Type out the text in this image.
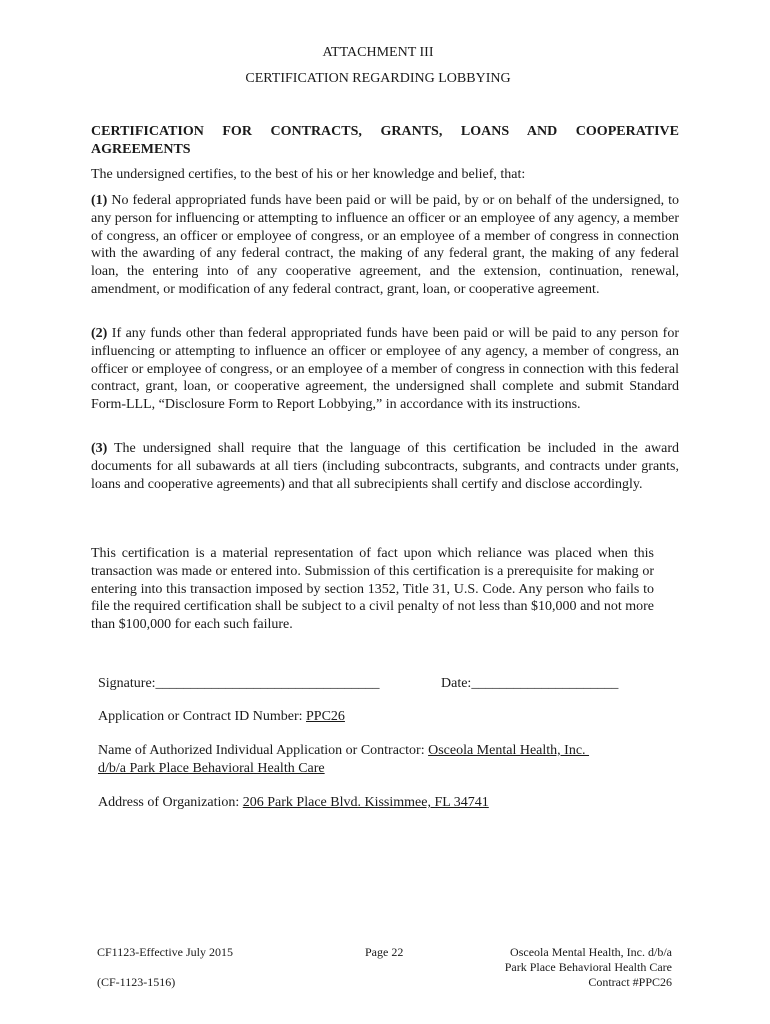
ATTACHMENT III
CERTIFICATION REGARDING LOBBYING
CERTIFICATION FOR CONTRACTS, GRANTS, LOANS AND COOPERATIVE AGREEMENTS
The undersigned certifies, to the best of his or her knowledge and belief, that:
(1) No federal appropriated funds have been paid or will be paid, by or on behalf of the undersigned, to any person for influencing or attempting to influence an officer or an employee of any agency, a member of congress, an officer or employee of congress, or an employee of a member of congress in connection with the awarding of any federal contract, the making of any federal grant, the making of any federal loan, the entering into of any cooperative agreement, and the extension, continuation, renewal, amendment, or modification of any federal contract, grant, loan, or cooperative agreement.
(2) If any funds other than federal appropriated funds have been paid or will be paid to any person for influencing or attempting to influence an officer or employee of any agency, a member of congress, an officer or employee of congress, or an employee of a member of congress in connection with this federal contract, grant, loan, or cooperative agreement, the undersigned shall complete and submit Standard Form-LLL, “Disclosure Form to Report Lobbying,” in accordance with its instructions.
(3) The undersigned shall require that the language of this certification be included in the award documents for all subawards at all tiers (including subcontracts, subgrants, and contracts under grants, loans and cooperative agreements) and that all subrecipients shall certify and disclose accordingly.
This certification is a material representation of fact upon which reliance was placed when this transaction was made or entered into. Submission of this certification is a prerequisite for making or entering into this transaction imposed by section 1352, Title 31, U.S. Code. Any person who fails to file the required certification shall be subject to a civil penalty of not less than $10,000 and not more than $100,000 for each such failure.
Signature:________________________________	Date:_____________________
Application or Contract ID Number: PPC26
Name of Authorized Individual Application or Contractor: Osceola Mental Health, Inc.
d/b/a Park Place Behavioral Health Care
Address of Organization: 206 Park Place Blvd. Kissimmee, FL 34741
CF1123-Effective July 2015
(CF-1123-1516)
Page 22	Osceola Mental Health, Inc. d/b/a
Park Place Behavioral Health Care
Contract #PPC26
